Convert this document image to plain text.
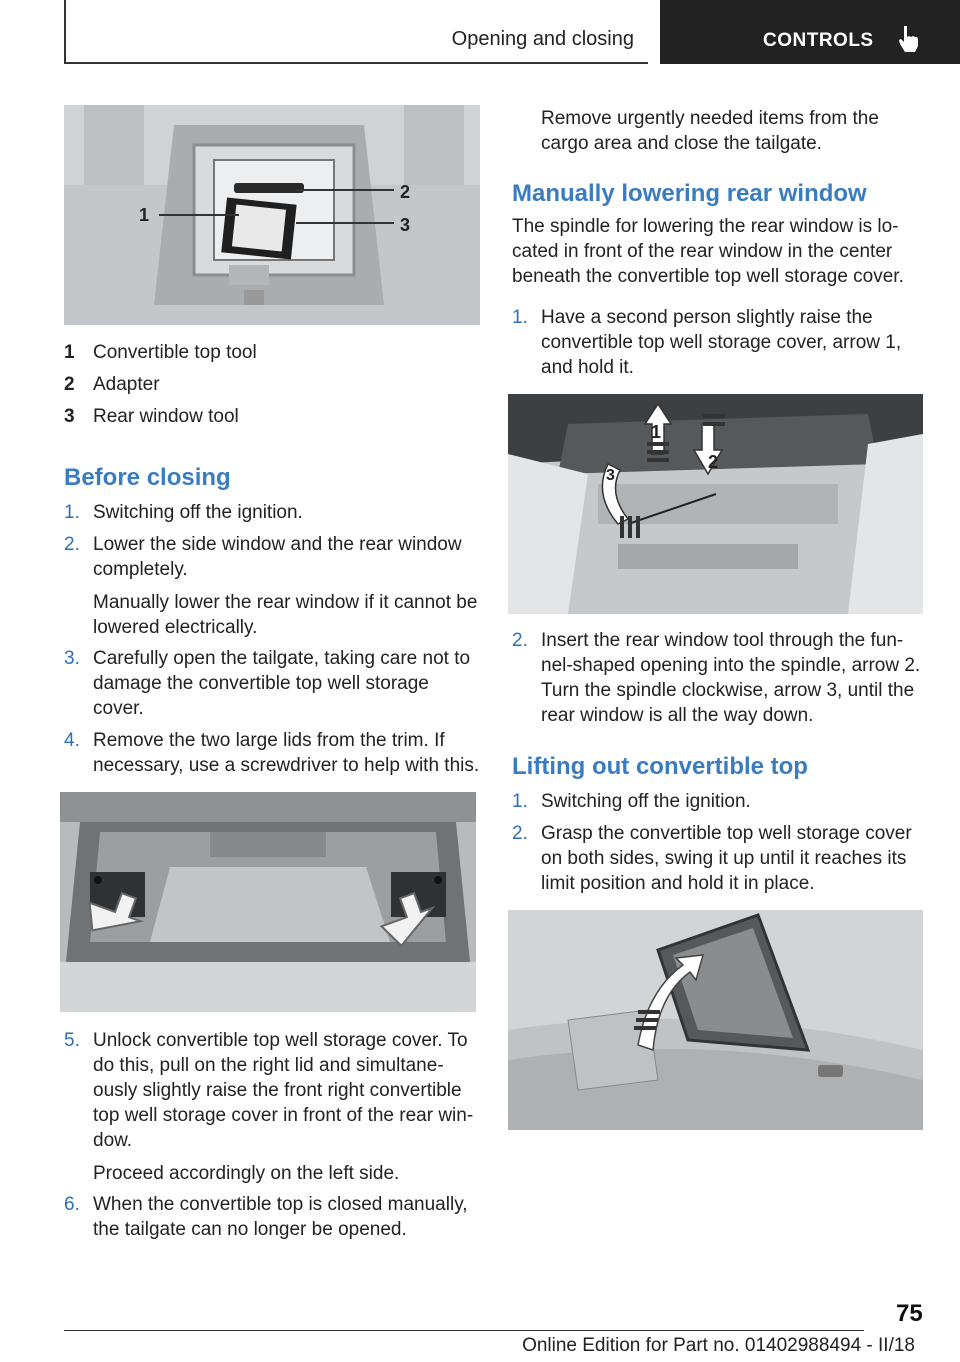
Opening and closing	CONTROLS
1
2
3
1 Convertible top tool
2 Adapter
3 Rear window tool
Before closing
1. Switching off the ignition.
2. Lower the side window and the rear window
completely.
Manually lower the rear window if it cannot be
lowered electrically.
3. Carefully open the tailgate, taking care not to
damage the convertible top well storage
cover.
4. Remove the two large lids from the trim. If
necessary, use a screwdriver to help with this.
5. Unlock convertible top well storage cover. To
do this, pull on the right lid and simultane‐
ously slightly raise the front right convertible
top well storage cover in front of the rear win‐
dow.
Proceed accordingly on the left side.
6. When the convertible top is closed manually,
the tailgate can no longer be opened.
Remove urgently needed items from the
cargo area and close the tailgate.
Manually lowering rear window
The spindle for lowering the rear window is lo‐
cated in front of the rear window in the center
beneath the convertible top well storage cover.
1. Have a second person slightly raise the
convertible top well storage cover, arrow 1,
and hold it.
1
2
3
2. Insert the rear window tool through the fun‐
nel-shaped opening into the spindle, arrow 2.
Turn the spindle clockwise, arrow 3, until the
rear window is all the way down.
Lifting out convertible top
1. Switching off the ignition.
2. Grasp the convertible top well storage cover
on both sides, swing it up until it reaches its
limit position and hold it in place.
75
Online Edition for Part no. 01402988494 - II/18
